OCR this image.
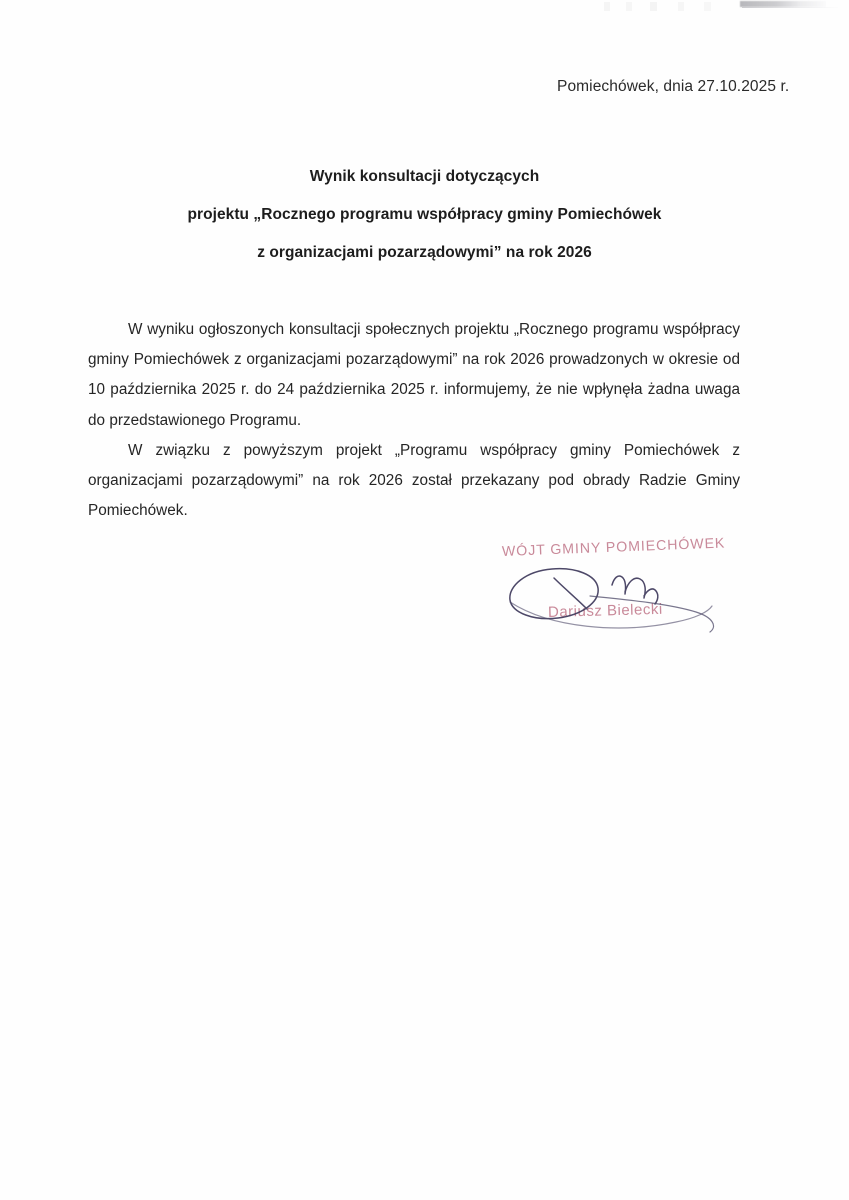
Pomiechówek, dnia 27.10.2025 r.
Wynik konsultacji dotyczących
projektu „Rocznego programu współpracy gminy Pomiechówek
z organizacjami pozarządowymi” na rok 2026

W wyniku ogłoszonych konsultacji społecznych projektu „Rocznego programu współpracy gminy Pomiechówek z organizacjami pozarządowymi” na rok 2026 prowadzonych w okresie od 10 października 2025 r. do 24 października 2025 r. informujemy, że nie wpłynęła żadna uwaga do przedstawionego Programu.

W związku z powyższym projekt „Programu współpracy gminy Pomiechówek z organizacjami pozarządowymi” na rok 2026 został przekazany pod obrady Radzie Gminy Pomiechówek.

WÓJT GMINY POMIECHÓWEK
Dariusz Bielecki
